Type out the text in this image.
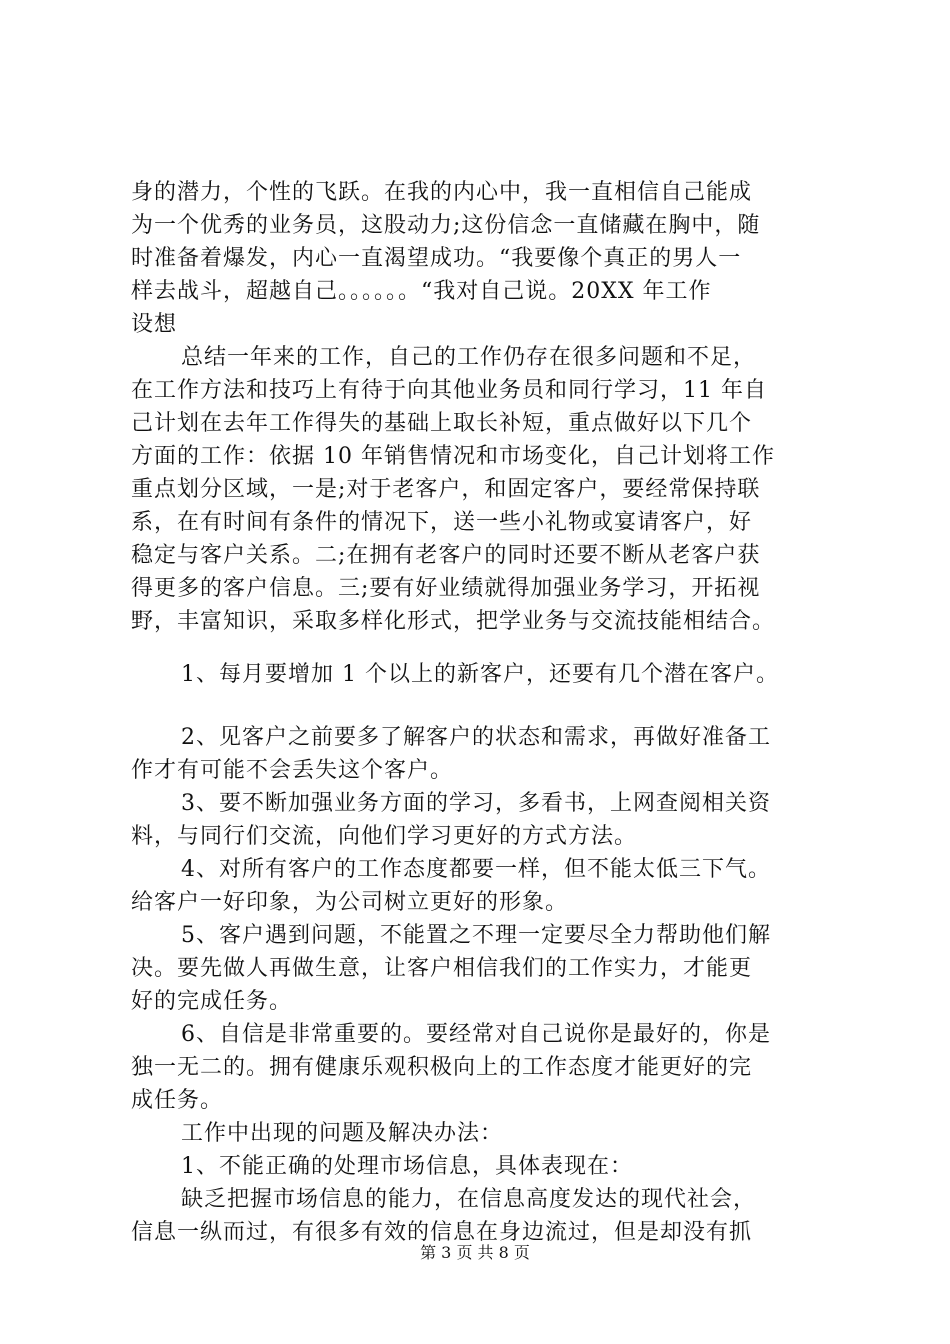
身的潜力，个性的飞跃。在我的内心中，我一直相信自己能成
为一个优秀的业务员，这股动力;这份信念一直储藏在胸中，随
时准备着爆发，内心一直渴望成功。“我要像个真正的男人一
样去战斗，超越自己。。。。。。“我对自己说。20XX 年工作
设想
总结一年来的工作，自己的工作仍存在很多问题和不足，
在工作方法和技巧上有待于向其他业务员和同行学习，11 年自
己计划在去年工作得失的基础上取长补短，重点做好以下几个
方面的工作：依据 10 年销售情况和市场变化，自己计划将工作
重点划分区域，一是;对于老客户，和固定客户，要经常保持联
系，在有时间有条件的情况下，送一些小礼物或宴请客户，好
稳定与客户关系。二;在拥有老客户的同时还要不断从老客户获
得更多的客户信息。三;要有好业绩就得加强业务学习，开拓视
野，丰富知识，采取多样化形式，把学业务与交流技能相结合。
1、每月要增加 1 个以上的新客户，还要有几个潜在客户。
2、见客户之前要多了解客户的状态和需求，再做好准备工
作才有可能不会丢失这个客户。
3、要不断加强业务方面的学习，多看书，上网查阅相关资
料，与同行们交流，向他们学习更好的方式方法。
4、对所有客户的工作态度都要一样，但不能太低三下气。
给客户一好印象，为公司树立更好的形象。
5、客户遇到问题，不能置之不理一定要尽全力帮助他们解
决。要先做人再做生意，让客户相信我们的工作实力，才能更
好的完成任务。
6、自信是非常重要的。要经常对自己说你是最好的，你是
独一无二的。拥有健康乐观积极向上的工作态度才能更好的完
成任务。
工作中出现的问题及解决办法：
1、不能正确的处理市场信息，具体表现在：
缺乏把握市场信息的能力，在信息高度发达的现代社会，
信息一纵而过，有很多有效的信息在身边流过，但是却没有抓
第 3 页 共 8 页
